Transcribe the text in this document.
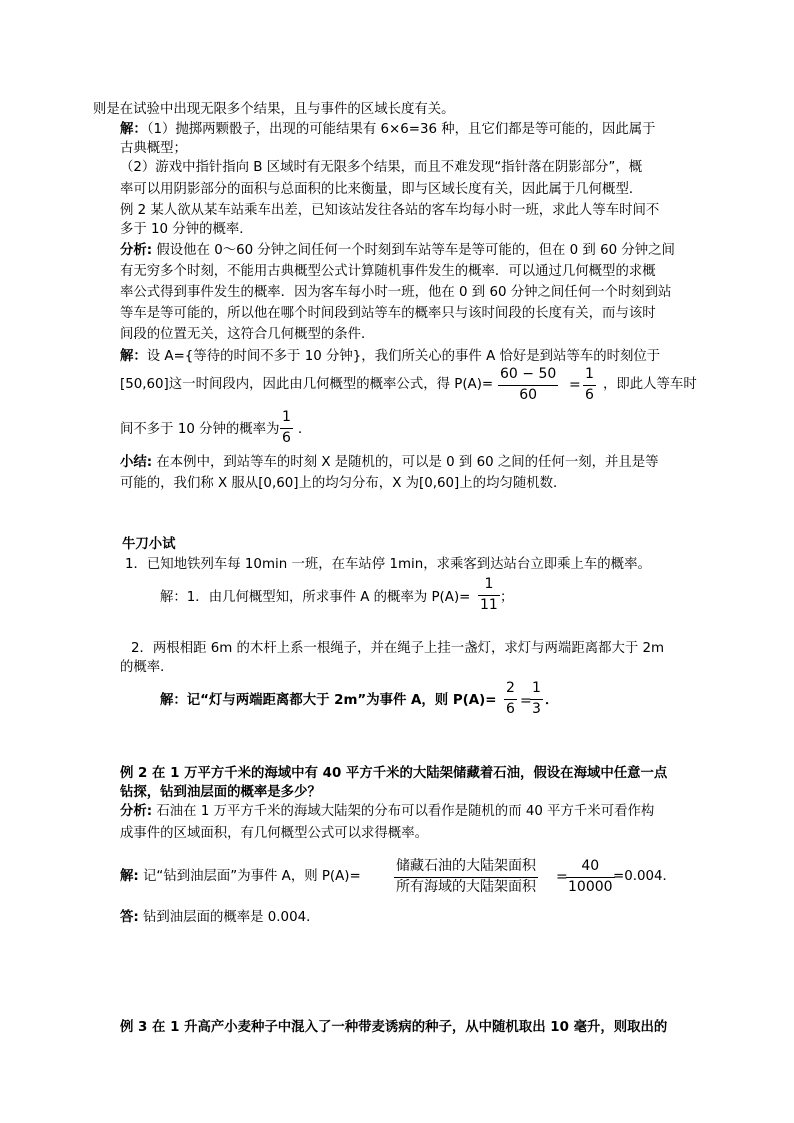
则是在试验中出现无限多个结果，且与事件的区域长度有关。
解：（1）抛掷两颗骰子，出现的可能结果有 6×6=36 种，且它们都是等可能的，因此属于
古典概型；
（2）游戏中指针指向 B 区域时有无限多个结果，而且不难发现“指针落在阴影部分”，概
率可以用阴影部分的面积与总面积的比来衡量，即与区域长度有关，因此属于几何概型．
例 2 某人欲从某车站乘车出差，已知该站发往各站的客车均每小时一班，求此人等车时间不
多于 10 分钟的概率．
分析: 假设他在 0～60 分钟之间任何一个时刻到车站等车是等可能的，但在 0 到 60 分钟之间
有无穷多个时刻，不能用古典概型公式计算随机事件发生的概率．可以通过几何概型的求概
率公式得到事件发生的概率．因为客车每小时一班，他在 0 到 60 分钟之间任何一个时刻到站
等车是等可能的，所以他在哪个时间段到站等车的概率只与该时间段的长度有关，而与该时
间段的位置无关，这符合几何概型的条件．
解：设 A={等待的时间不多于 10 分钟}，我们所关心的事件 A 恰好是到站等车的时刻位于
[50,60]这一时间段内，因此由几何概型的概率公式，得 P(A)=
60 − 50
60
=
1
6
，即此人等车时
间不多于 10 分钟的概率为
1
6
．
小结: 在本例中，到站等车的时刻 X 是随机的，可以是 0 到 60 之间的任何一刻，并且是等
可能的，我们称 X 服从[0,60]上的均匀分布，X 为[0,60]上的均匀随机数．
牛刀小试
1．已知地铁列车每 10min 一班，在车站停 1min，求乘客到达站台立即乘上车的概率。
解：1．由几何概型知，所求事件 A 的概率为 P(A)=
1
11 ；
2．两根相距 6m 的木杆上系一根绳子，并在绳子上挂一盏灯，求灯与两端距离都大于 2m
的概率．
解：记“灯与两端距离都大于 2m”为事件 A，则 P(A)=
2
6 =
1
3
．
例 2 在 1 万平方千米的海域中有 40 平方千米的大陆架储藏着石油，假设在海域中任意一点
钻探，钻到油层面的概率是多少？
分析: 石油在 1 万平方千米的海域大陆架的分布可以看作是随机的而 40 平方千米可看作构
成事件的区域面积，有几何概型公式可以求得概率。
解: 记“钻到油层面”为事件 A，则 P(A)=
储藏石油的大陆架面积
所有海域的大陆架面积
=
40
10000
=0.004．
答: 钻到油层面的概率是 0.004．
例 3 在 1 升高产小麦种子中混入了一种带麦诱病的种子，从中随机取出 10 毫升，则取出的
